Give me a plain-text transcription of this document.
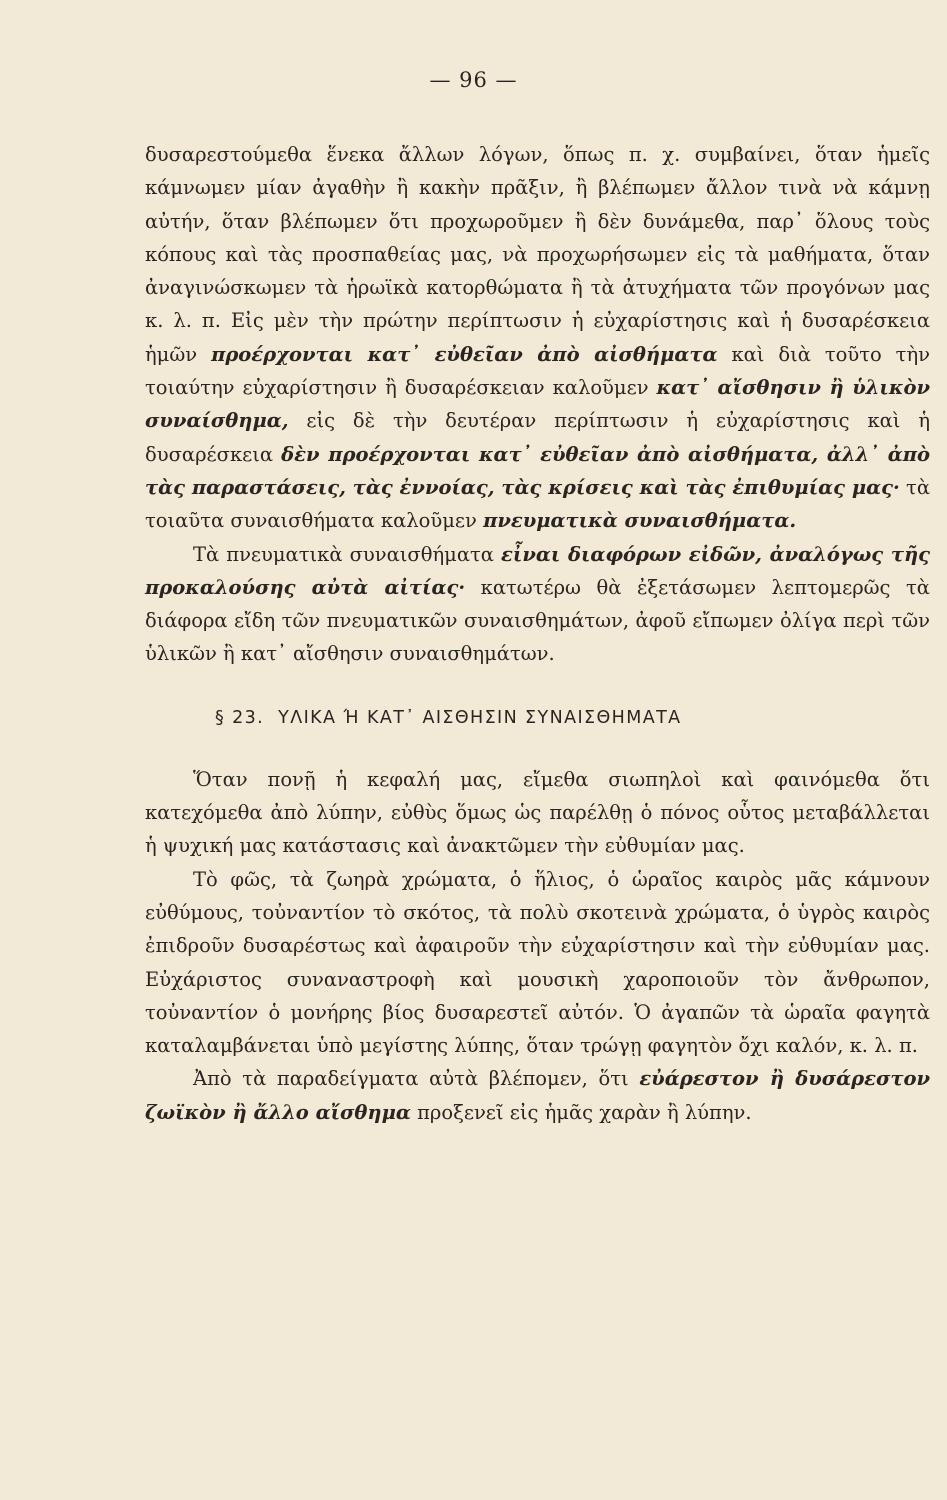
— 96 —

δυσαρεστούμεθα ἕνεκα ἄλλων λόγων, ὅπως π. χ. συμβαίνει, ὅταν ἡμεῖς κάμνωμεν μίαν ἀγαθὴν ἢ κακὴν πρᾶξιν, ἢ βλέπωμεν ἄλλον τινὰ νὰ κάμνῃ αὐτήν, ὅταν βλέπωμεν ὅτι προχωροῦμεν ἢ δὲν δυνάμεθα, παρ᾽ ὅλους τοὺς κόπους καὶ τὰς προσπαθείας μας, νὰ προχωρήσωμεν εἰς τὰ μαθήματα, ὅταν ἀναγινώσκωμεν τὰ ἡρωϊκὰ κατορθώματα ἢ τὰ ἀτυχήματα τῶν προγόνων μας κ. λ. π. Εἰς μὲν τὴν πρώτην περίπτωσιν ἡ εὐχαρίστησις καὶ ἡ δυσαρέσκεια ἡμῶν προέρχονται κατ᾽ εὐθεῖαν ἀπὸ αἰσθήματα καὶ διὰ τοῦτο τὴν τοιαύτην εὐχαρίστησιν ἢ δυσαρέσκειαν καλοῦμεν κατ᾽ αἴσθησιν ἢ ὑλικὸν συναίσθημα, εἰς δὲ τὴν δευτέραν περίπτωσιν ἡ εὐχαρίστησις καὶ ἡ δυσαρέσκεια δὲν προέρχονται κατ᾽ εὐθεῖαν ἀπὸ αἰσθήματα, ἀλλ᾽ ἀπὸ τὰς παραστάσεις, τὰς ἐννοίας, τὰς κρίσεις καὶ τὰς ἐπιθυμίας μας· τὰ τοιαῦτα συναισθήματα καλοῦμεν πνευματικὰ συναισθήματα.

Τὰ πνευματικὰ συναισθήματα εἶναι διαφόρων εἰδῶν, ἀναλόγως τῆς προκαλούσης αὐτὰ αἰτίας· κατωτέρω θὰ ἐξετάσωμεν λεπτομερῶς τὰ διάφορα εἴδη τῶν πνευματικῶν συναισθημάτων, ἀφοῦ εἴπωμεν ὀλίγα περὶ τῶν ὑλικῶν ἢ κατ᾽ αἴσθησιν συναισθημάτων.

§ 23. ΥΛΙΚΑ Ή ΚΑΤ᾽ ΑΙΣΘΗΣΙΝ ΣΥΝΑΙΣΘΗΜΑΤΑ

Ὅταν πονῇ ἡ κεφαλή μας, εἴμεθα σιωπηλοὶ καὶ φαινόμεθα ὅτι κατεχόμεθα ἀπὸ λύπην, εὐθὺς ὅμως ὡς παρέλθῃ ὁ πόνος οὗτος μεταβάλλεται ἡ ψυχική μας κατάστασις καὶ ἀνακτῶμεν τὴν εὐθυμίαν μας.

Τὸ φῶς, τὰ ζωηρὰ χρώματα, ὁ ἥλιος, ὁ ὡραῖος καιρὸς μᾶς κάμνουν εὐθύμους, τοὐναντίον τὸ σκότος, τὰ πολὺ σκοτεινὰ χρώματα, ὁ ὑγρὸς καιρὸς ἐπιδροῦν δυσαρέστως καὶ ἀφαιροῦν τὴν εὐχαρίστησιν καὶ τὴν εὐθυμίαν μας. Εὐχάριστος συναναστροφὴ καὶ μουσικὴ χαροποιοῦν τὸν ἄνθρωπον, τοὐναντίον ὁ μονήρης βίος δυσαρεστεῖ αὐτόν. Ὁ ἀγαπῶν τὰ ὡραῖα φαγητὰ καταλαμβάνεται ὑπὸ μεγίστης λύπης, ὅταν τρώγῃ φαγητὸν ὄχι καλόν, κ. λ. π.

Ἀπὸ τὰ παραδείγματα αὐτὰ βλέπομεν, ὅτι εὐάρεστον ἢ δυσάρεστον ζωϊκὸν ἢ ἄλλο αἴσθημα προξενεῖ εἰς ἡμᾶς χαρὰν ἢ λύπην.
